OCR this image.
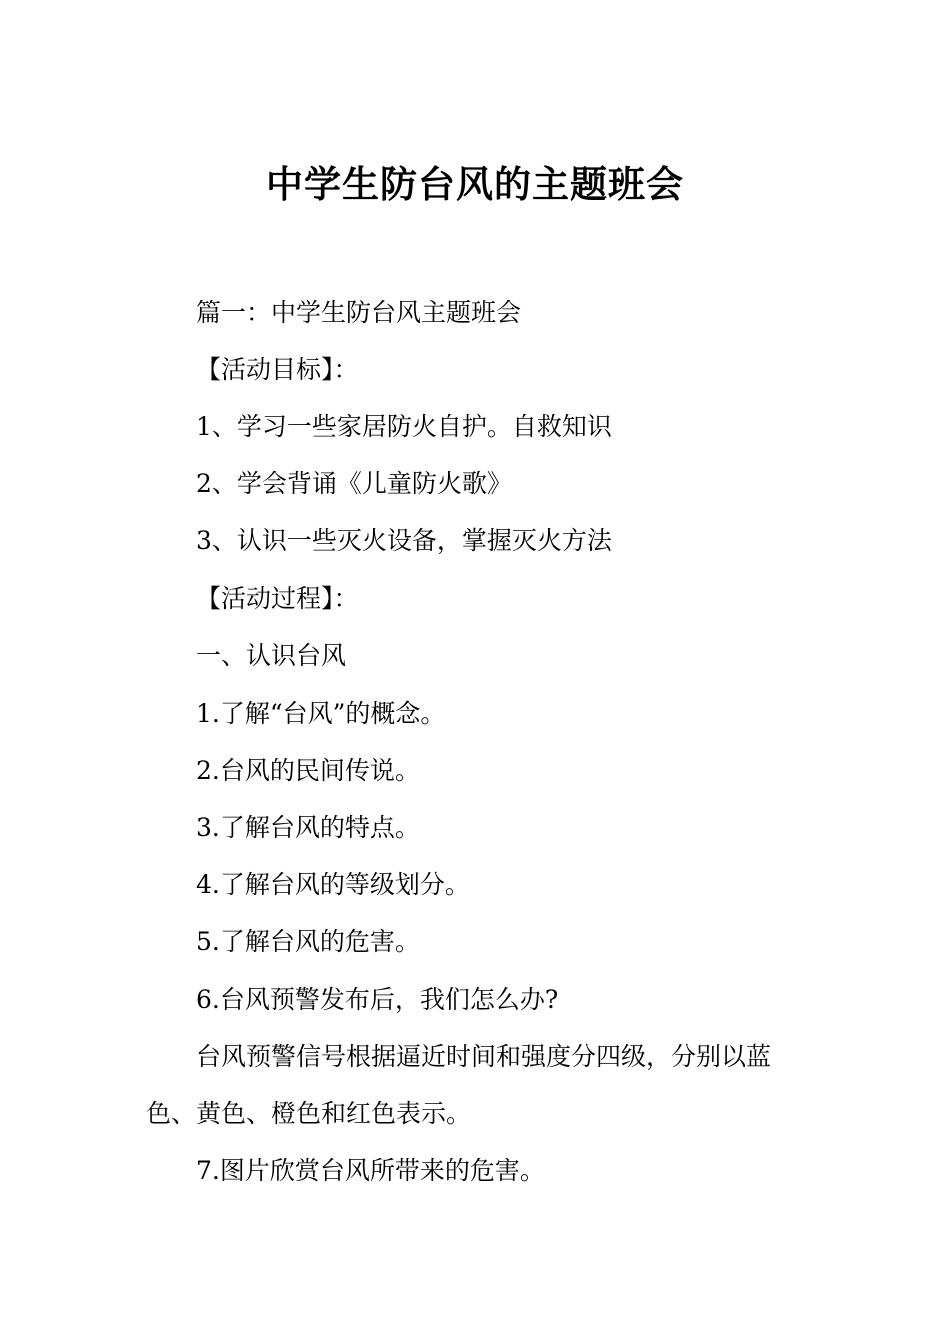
中学生防台风的主题班会
篇一：中学生防台风主题班会
【活动目标】：
1、学习一些家居防火自护。自救知识
2、学会背诵《儿童防火歌》
3、认识一些灭火设备，掌握灭火方法
【活动过程】：
一、认识台风
1.了解“台风”的概念。
2.台风的民间传说。
3.了解台风的特点。
4.了解台风的等级划分。
5.了解台风的危害。
6.台风预警发布后，我们怎么办?
台风预警信号根据逼近时间和强度分四级，分别以蓝
色、黄色、橙色和红色表示。
7.图片欣赏台风所带来的危害。
